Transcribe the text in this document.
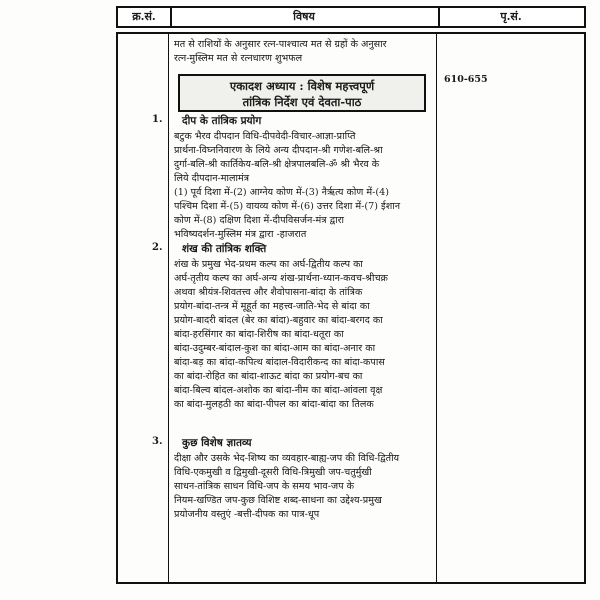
क्र.सं.	विषय	पृ.सं.

मत से राशियों के अनुसार रत्न-पाश्चात्य मत से ग्रहों के अनुसार

रत्न-मुस्लिम मत से रत्नधारण शुभफल

एकादश अध्याय : विशेष महत्त्वपूर्ण
तांत्रिक निर्देश एवं देवता-पाठ
610-655
1. दीप के तांत्रिक प्रयोग

बटुक भैरव दीपदान विधि-दीपवेदी-विचार-आज्ञा-प्राप्ति

प्रार्थना-विघ्ननिवारण के लिये अन्य दीपदान-श्री गणेश-बलि-श्रा

दुर्गा-बलि-श्री कार्तिकेय-बलि-श्री क्षेत्रपालबलि-ॐ श्री भैरव के

लिये दीपदान-मालामंत्र

(1) पूर्व दिशा में-(2) आग्नेय कोण में-(3) नैर्ऋत्य कोण में-(4)

पश्चिम दिशा में-(5) वायव्य कोण में-(6) उत्तर दिशा में-(7) ईशान

कोण में-(8) दक्षिण दिशा में-दीपविसर्जन-मंत्र द्वारा

भविष्यदर्शन-मुस्लिम मंत्र द्वारा -हाजरात

2. शंख की तांत्रिक शक्ति

शंख के प्रमुख भेद-प्रथम कल्प का अर्घ-द्वितीय कल्प का

अर्घ-तृतीय कल्प का अर्घ-अन्य शंख-प्रार्थना-ध्यान-कवच-श्रीचक्र

अथवा श्रीयंत्र-शिवतत्त्व और शैवोपासना-बांदा के तांत्रिक

प्रयोग-बांदा-तन्त्र में मूहूर्त का महत्त्व-जाति-भेद से बांदा का

प्रयोग-बादरी बांदल (बेर का बांदा)-बहुवार का बांदा-बरगद का

बांदा-हरसिंगार का बांदा-शिरीष का बांदा-धतूरा का

बांदा-उदुम्बर-बांदाल-कुश का बांदा-आम का बांदा-अनार का

बांदा-बड़ का बांदा-कपित्थ बांदाल-विदारीकन्द का बांदा-कपास

का बांदा-रोहित का बांदा-शाऊट बांदा का प्रयोग-बच का

बांदा-बिल्व बांदल-अशोक का बांदा-नीम का बांदा-आंवला वृक्ष

का बांदा-मुलहठी का बांदा-पीपल का बांदा-बांदा का तिलक

3. कुछ विशेष ज्ञातव्य

दीक्षा और उसके भेद-शिष्य का व्यवहार-बाह्य-जप की विधि-द्वितीय

विधि-एकमुखी व द्विमुखी-दूसरी विधि-त्रिमुखी जप-चतुर्मुखी

साधन-तांत्रिक साधन विधि-जप के समय भाव-जप के

नियम-खण्डित जप-कुछ विशिष्ट शब्द-साधना का उद्देश्य-प्रमुख

प्रयोजनीय वस्तुएं -बत्ती-दीपक का पात्र-धूप
